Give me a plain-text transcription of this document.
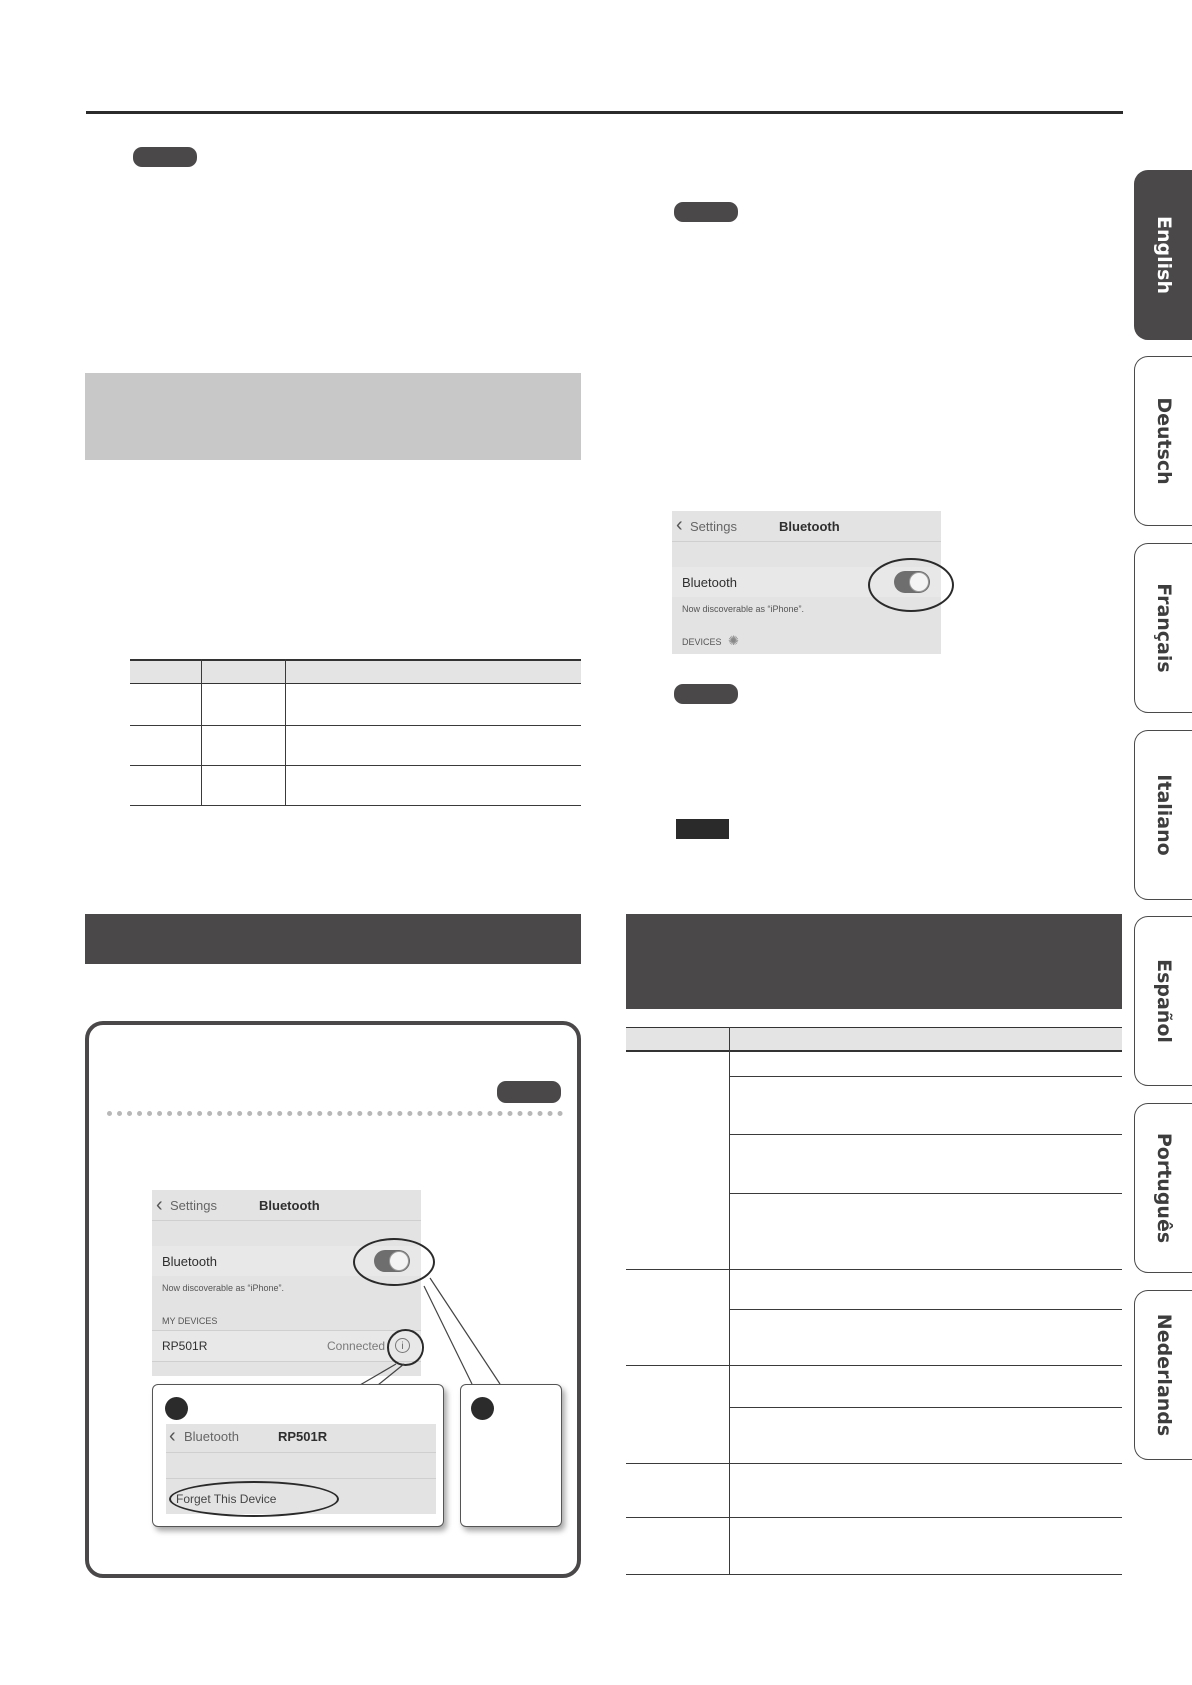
‹ Settings	Bluetooth
Bluetooth
Now discoverable as “iPhone”.
MY DEVICES
RP501R	Connected	i
‹ Bluetooth	RP501R
Forget This Device
‹ Settings	Bluetooth
Bluetooth
Now discoverable as “iPhone”.
DEVICES ✺
English
Deutsch
Français
Italiano
Español
Português
Nederlands
